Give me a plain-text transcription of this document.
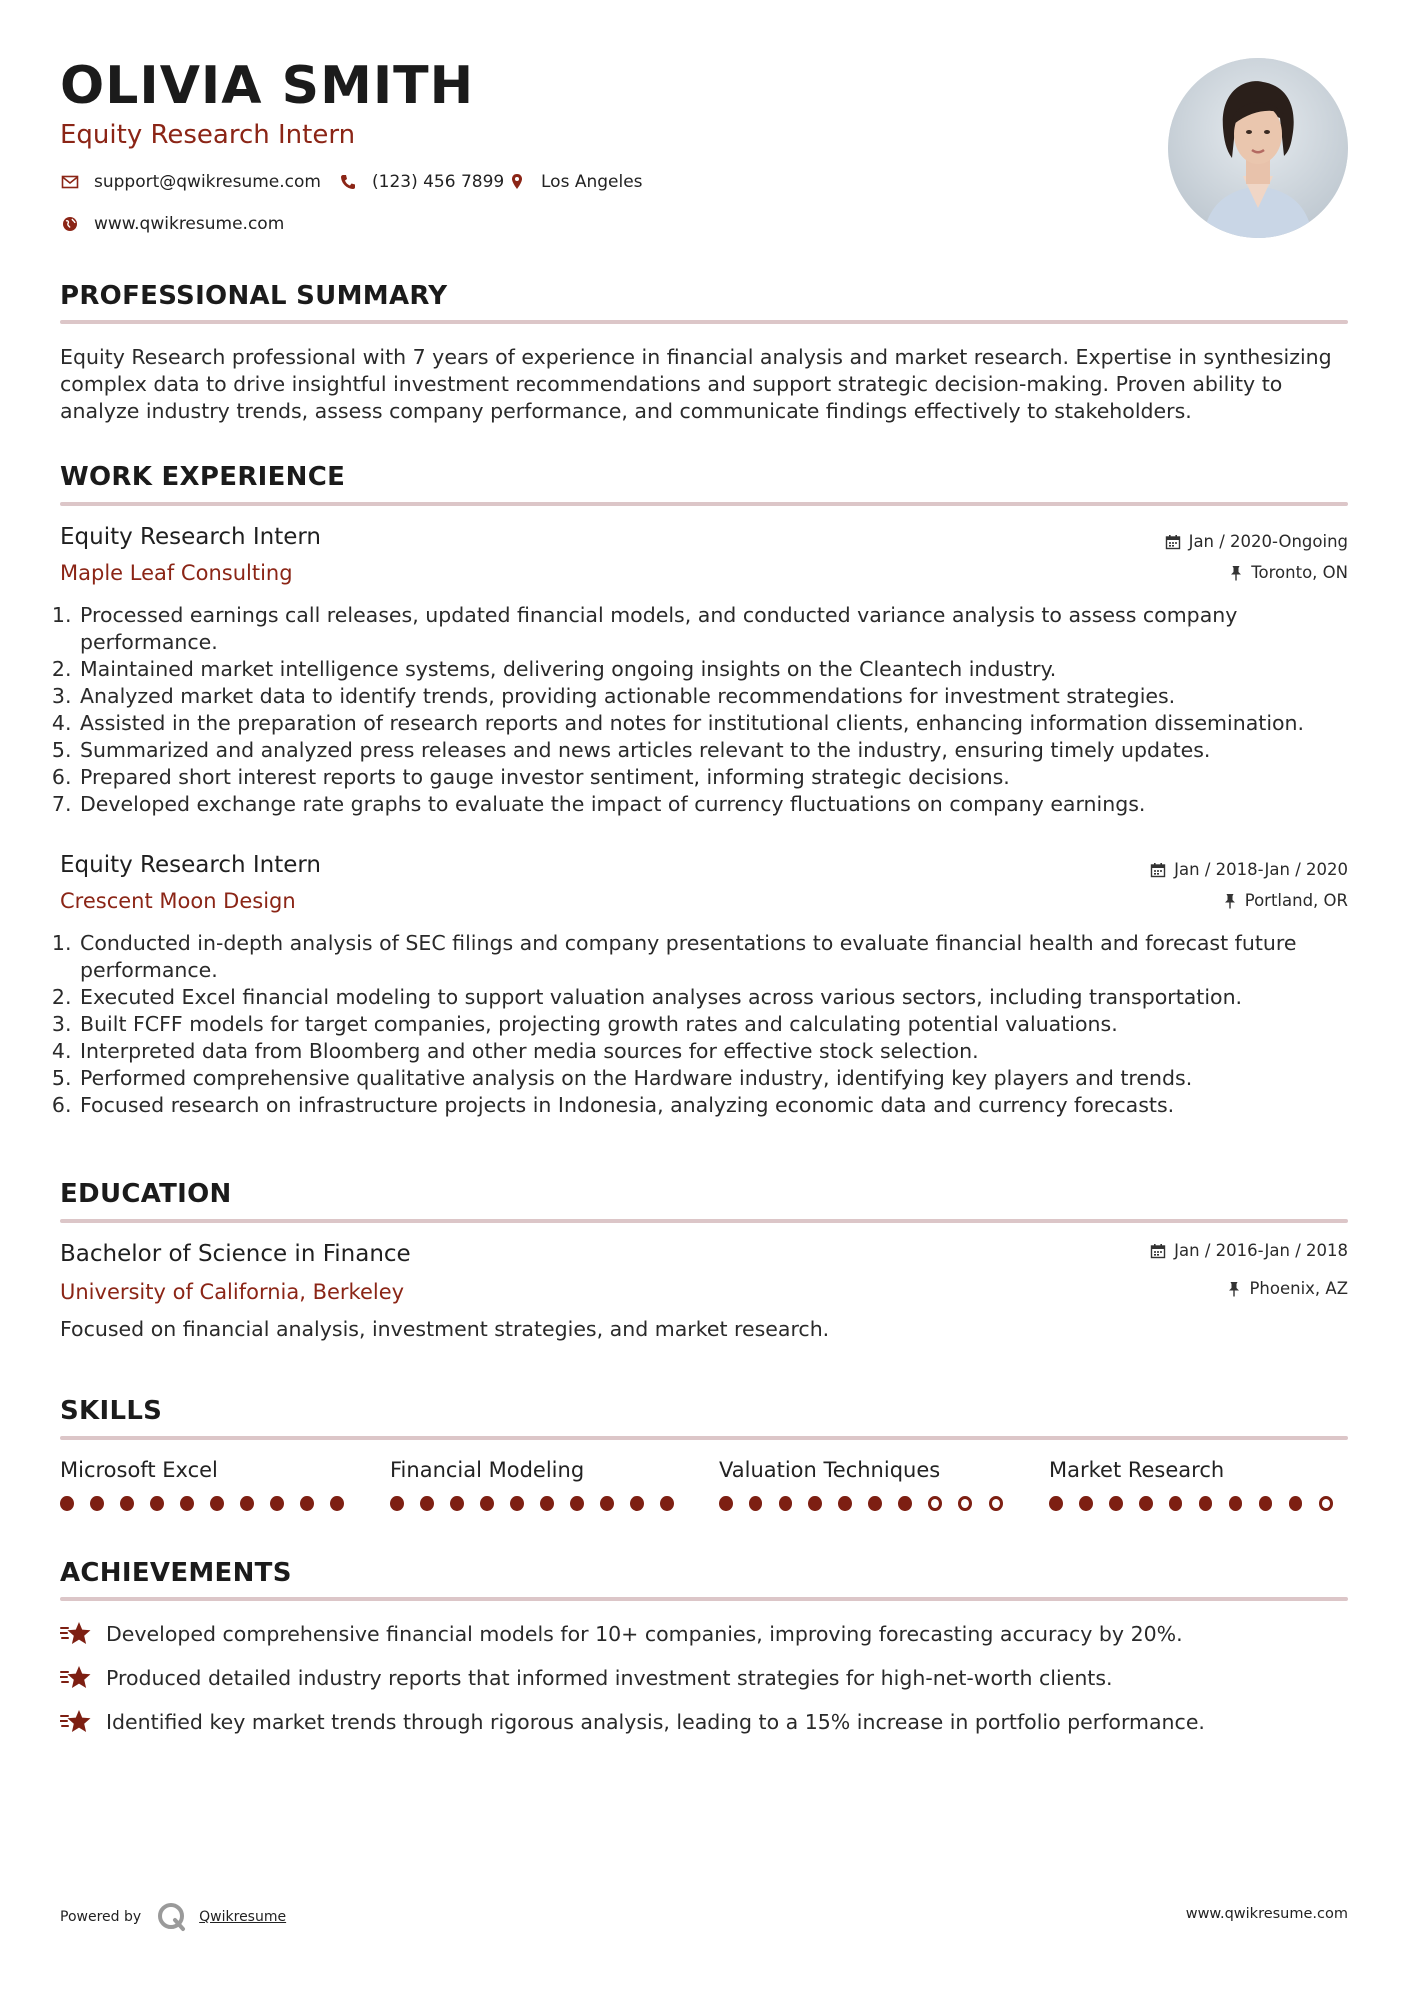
OLIVIA SMITH
Equity Research Intern
support@qwikresume.com	(123) 456 7899 Los Angeles
www.qwikresume.com
PROFESSIONAL SUMMARY

Equity Research professional with 7 years of experience in financial analysis and market research. Expertise in synthesizing complex data to drive insightful investment recommendations and support strategic decision-making. Proven ability to analyze industry trends, assess company performance, and communicate findings effectively to stakeholders.

WORK EXPERIENCE
Equity Research Intern
Maple Leaf Consulting
Jan / 2020-Ongoing
Toronto, ON
1. Processed earnings call releases, updated financial models, and conducted variance analysis to assess company performance.
2. Maintained market intelligence systems, delivering ongoing insights on the Cleantech industry.
3. Analyzed market data to identify trends, providing actionable recommendations for investment strategies.
4. Assisted in the preparation of research reports and notes for institutional clients, enhancing information dissemination.
5. Summarized and analyzed press releases and news articles relevant to the industry, ensuring timely updates.
6. Prepared short interest reports to gauge investor sentiment, informing strategic decisions.
7. Developed exchange rate graphs to evaluate the impact of currency fluctuations on company earnings.
Equity Research Intern
Crescent Moon Design
Jan / 2018-Jan / 2020
Portland, OR
1. Conducted in-depth analysis of SEC filings and company presentations to evaluate financial health and forecast future performance.
2. Executed Excel financial modeling to support valuation analyses across various sectors, including transportation.
3. Built FCFF models for target companies, projecting growth rates and calculating potential valuations.
4. Interpreted data from Bloomberg and other media sources for effective stock selection.
5. Performed comprehensive qualitative analysis on the Hardware industry, identifying key players and trends.
6. Focused research on infrastructure projects in Indonesia, analyzing economic data and currency forecasts.
EDUCATION
Bachelor of Science in Finance
University of California, Berkeley
Jan / 2016-Jan / 2018
Phoenix, AZ

Focused on financial analysis, investment strategies, and market research.

SKILLS
Microsoft Excel	Financial Modeling	Valuation Techniques	Market Research
ACHIEVEMENTS
Developed comprehensive financial models for 10+ companies, improving forecasting accuracy by 20%.
Produced detailed industry reports that informed investment strategies for high-net-worth clients.
Identified key market trends through rigorous analysis, leading to a 15% increase in portfolio performance.
Powered by	Qwikresume	www.qwikresume.com
